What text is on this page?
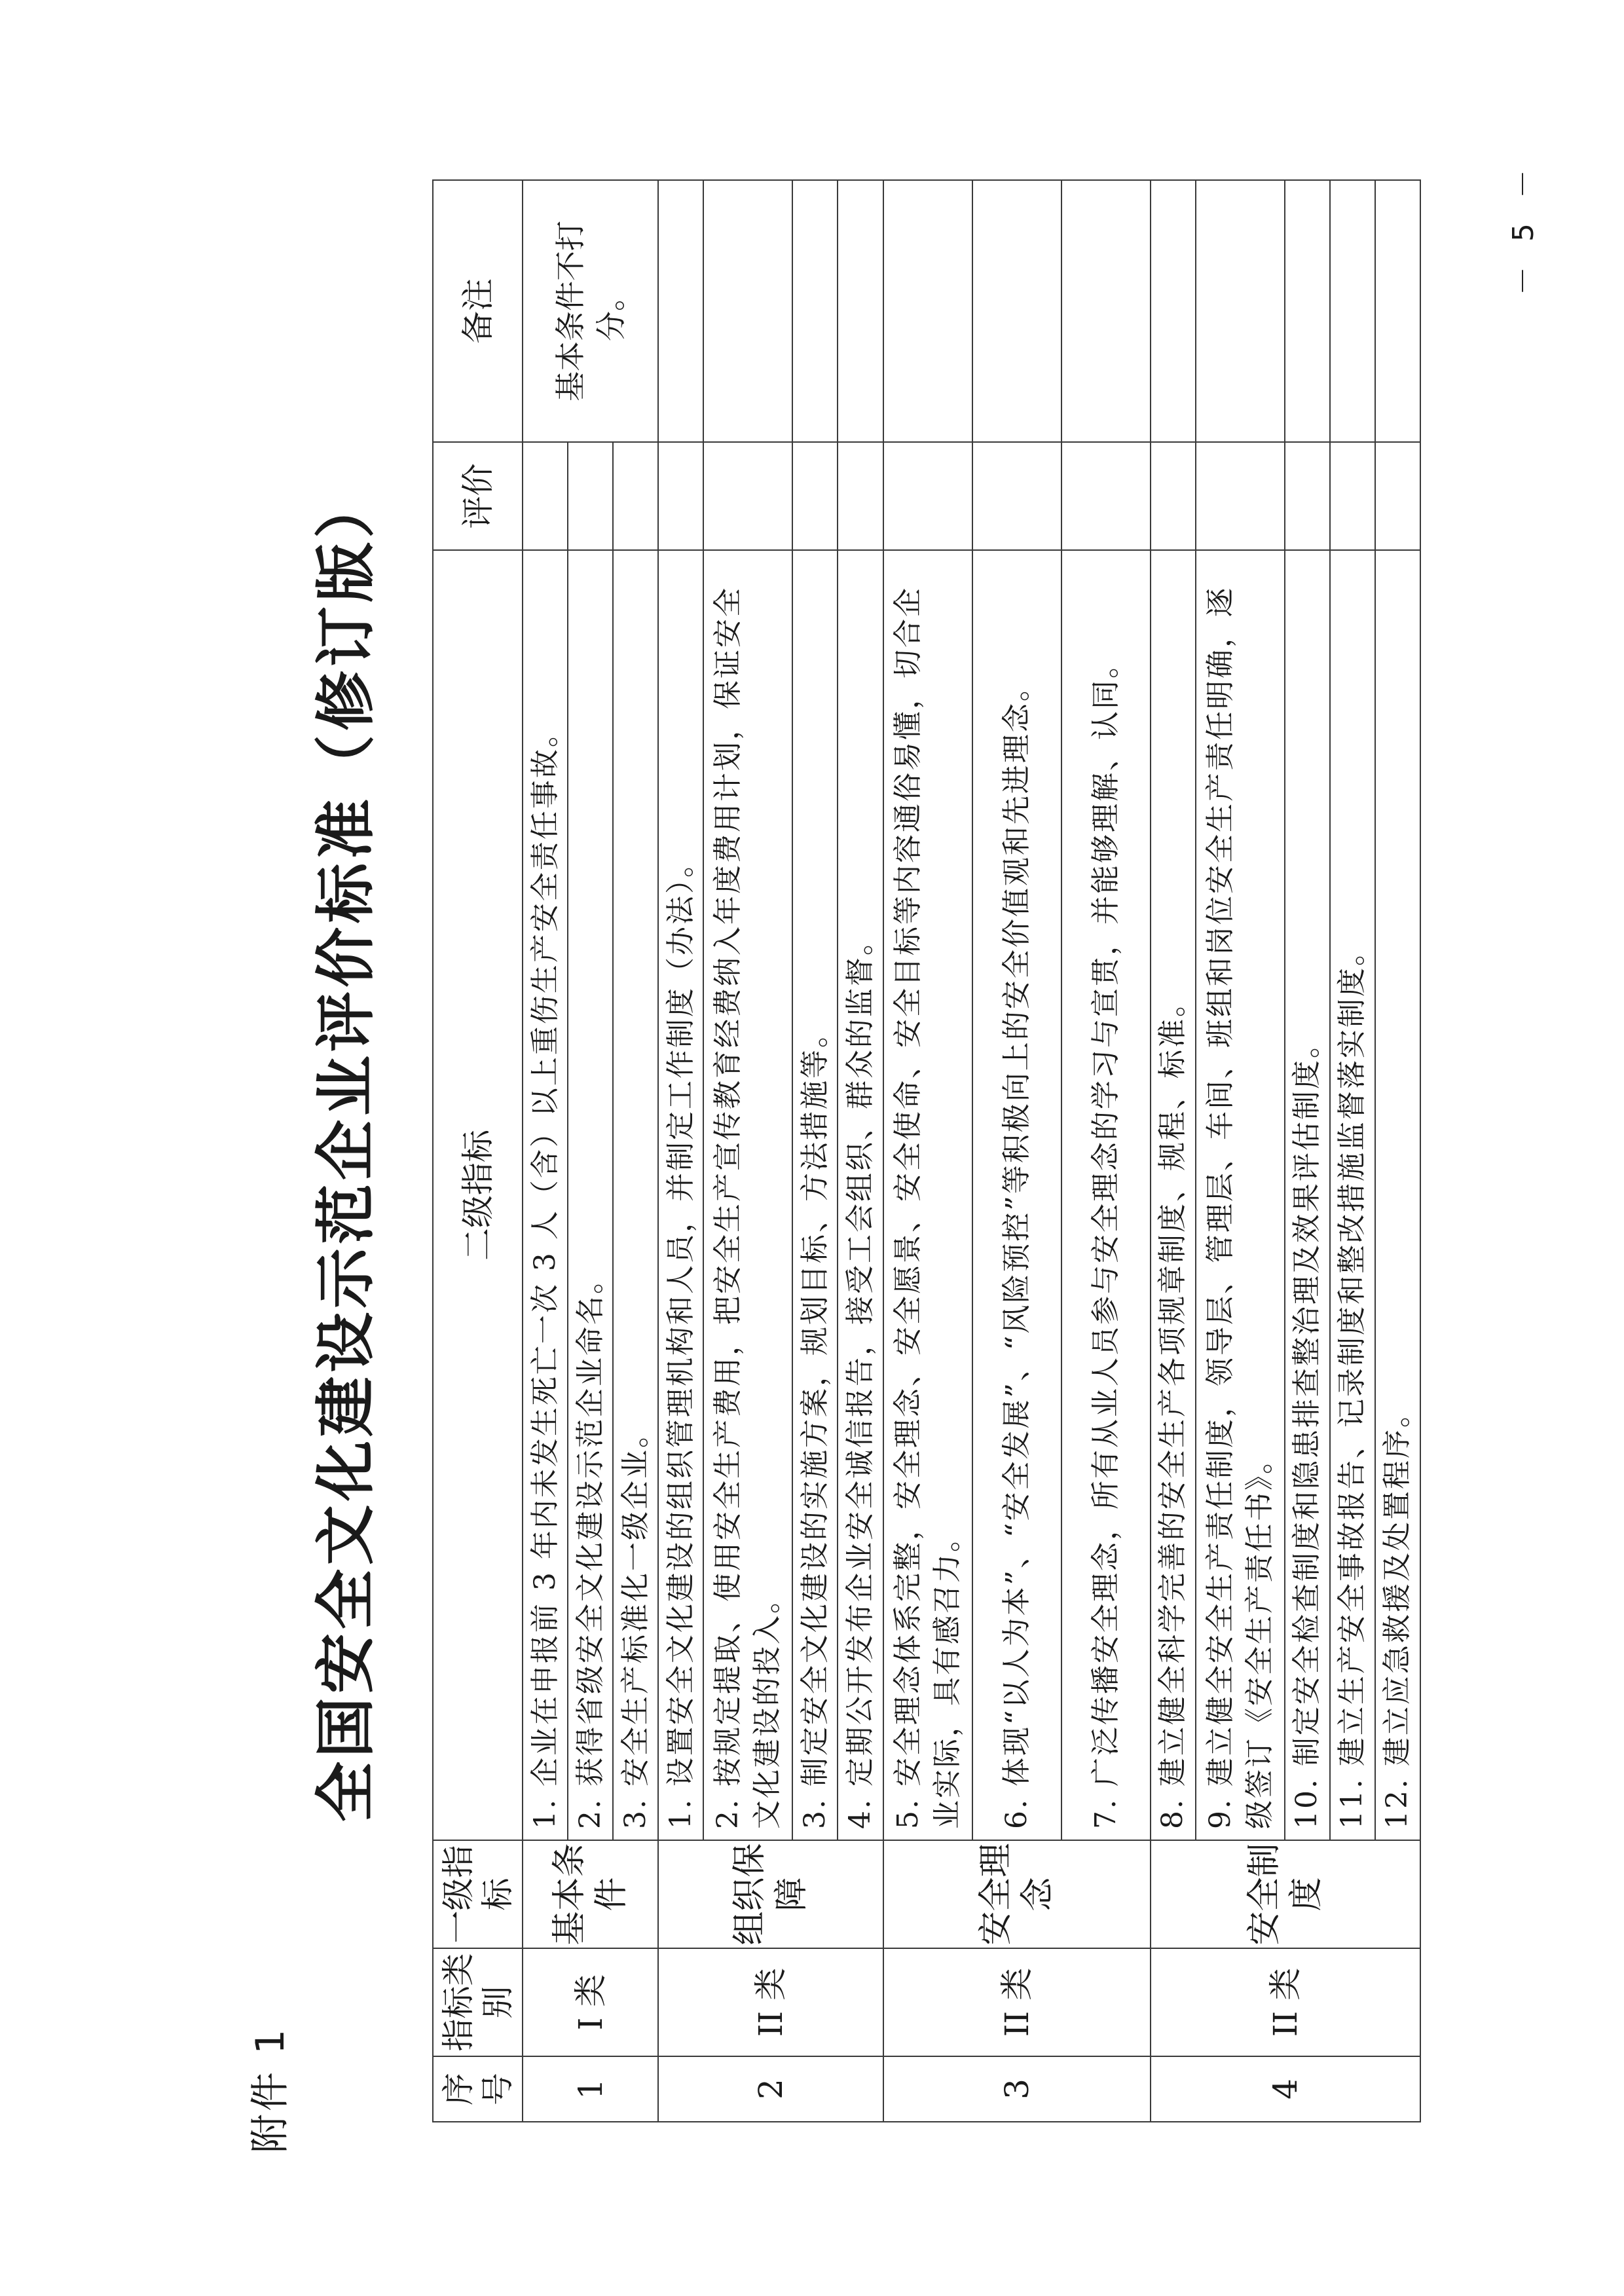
附件 1
全国安全文化建设示范企业评价标准（修订版）
序号	指标类别	一级指标	二级指标	评价	备注
1	I 类	基本条件	1. 企业在申报前 3 年内未发生死亡一次 3 人（含）以上重伤生产安全责任事故。		基本条件不打分。
			2. 获得省级安全文化建设示范企业命名。		
			3. 安全生产标准化一级企业。		
2	II 类	组织保障	1. 设置安全文化建设的组织管理机构和人员，并制定工作制度（办法）。		
			2. 按规定提取、使用安全生产费用，把安全生产宣传教育经费纳入年度费用计划，保证安全文化建设的投入。		
			3. 制定安全文化建设的实施方案，规划目标、方法措施等。		
			4. 定期公开发布企业安全诚信报告，接受工会组织、群众的监督。		
3	II 类	安全理念	5. 安全理念体系完整，安全理念、安全愿景、安全使命、安全目标等内容通俗易懂，切合企业实际，具有感召力。		
			6. 体现“以人为本”、“安全发展”、“风险预控”等积极向上的安全价值观和先进理念。		
			7. 广泛传播安全理念，所有从业人员参与安全理念的学习与宣贯，并能够理解、认同。		
4	II 类	安全制度	8. 建立健全科学完善的安全生产各项规章制度、规程、标准。		
			9. 建立健全安全生产责任制度，领导层、管理层、车间、班组和岗位安全生产责任明确，逐级签订《安全生产责任书》。		
			10. 制定安全检查制度和隐患排查整治理及效果评估制度。		
			11. 建立生产安全事故报告、记录制度和整改措施监督落实制度。		
			12. 建立应急救援及处置程序。		
－ 5 －
